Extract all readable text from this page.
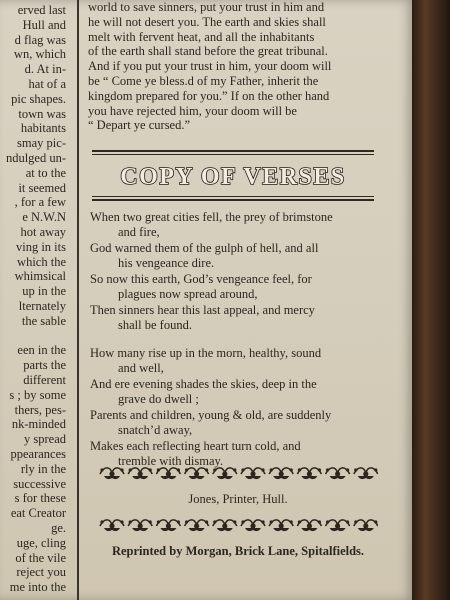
erved last
Hull and
d flag was
wn, which
d. At in-
hat of a
pic shapes.
town was
habitants
smay pic-
ndulged un-
at to the
it seemed
, for a few
e N.W.N
hot away
ving in its
which the
whimsical
up in the
lternately
the sable
een in the
parts the
different
s ; by some
thers, pes-
nk-minded
y spread
ppearances
rly in the
successive
s for these
eat Creator
ge.
uge, cling
of the vile
reject you
me into the
world to save sinners, put your trust in him and
he will not desert you. The earth and skies shall
melt with fervent heat, and all the inhabitants
of the earth shall stand before the great tribunal.
And if you put your trust in him, your doom will
be “ Come ye bless.d of my Father, inherit the
kingdom prepared for you.” If on the other hand
you have rejected him, your doom will be
“ Depart ye cursed.”
COPY OF VERSES
When two great cities fell, the prey of brimstone
and fire,
God warned them of the gulph of hell, and all
his vengeance dire.
So now this earth, God’s vengeance feel, for
plagues now spread around,
Then sinners hear this last appeal, and mercy
shall be found.
How many rise up in the morn, healthy, sound
and well,
And ere evening shades the skies, deep in the
grave do dwell ;
Parents and children, young & old, are suddenly
snatch’d away,
Makes each reflecting heart turn cold, and
tremble with dismay.
Jones, Printer, Hull.
Reprinted by Morgan, Brick Lane, Spitalfields.
